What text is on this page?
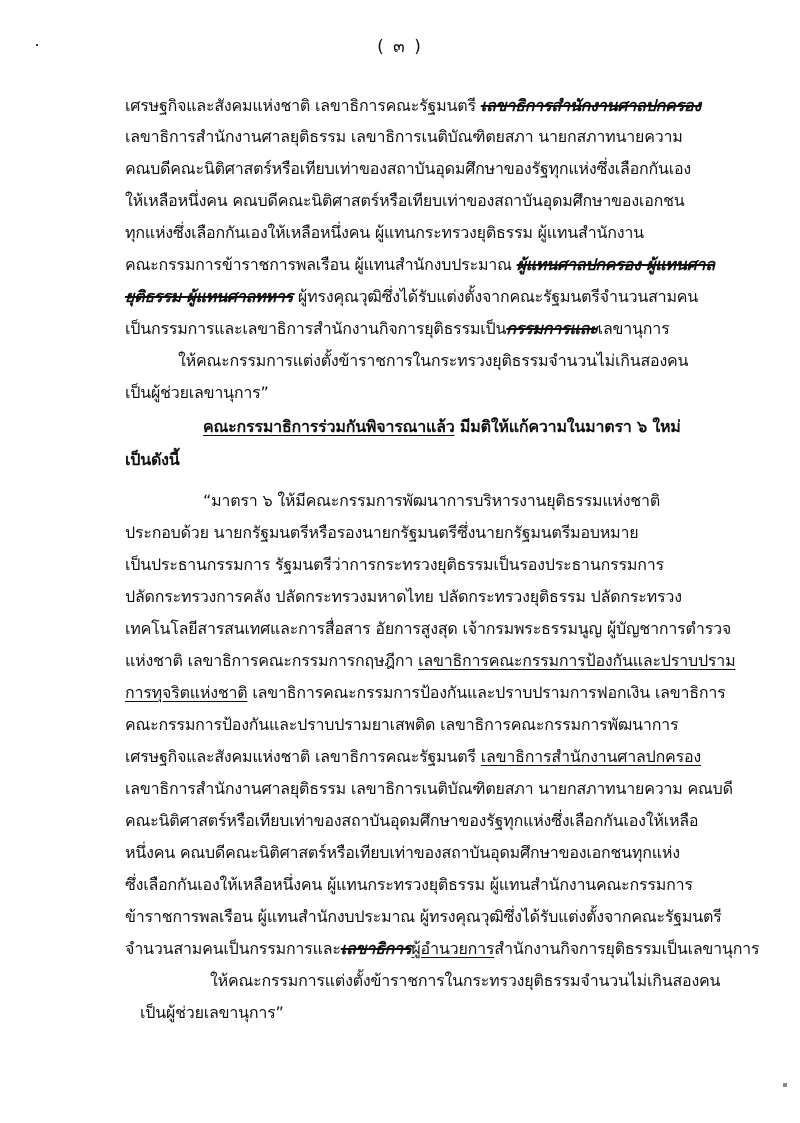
( ๓ )
เศรษฐกิจและสังคมแห่งชาติ เลขาธิการคณะรัฐมนตรี เลขาธิการสำนักงานศาลปกครอง
เลขาธิการสำนักงานศาลยุติธรรม เลขาธิการเนติบัณฑิตยสภา นายกสภาทนายความ
คณบดีคณะนิติศาสตร์หรือเทียบเท่าของสถาบันอุดมศึกษาของรัฐทุกแห่งซึ่งเลือกกันเอง
ให้เหลือหนึ่งคน คณบดีคณะนิติศาสตร์หรือเทียบเท่าของสถาบันอุดมศึกษาของเอกชน
ทุกแห่งซึ่งเลือกกันเองให้เหลือหนึ่งคน ผู้แทนกระทรวงยุติธรรม ผู้แทนสำนักงาน
คณะกรรมการข้าราชการพลเรือน ผู้แทนสำนักงบประมาณ ผู้แทนศาลปกครอง ผู้แทนศาล
ยุติธรรม ผู้แทนศาลทหาร ผู้ทรงคุณวุฒิซึ่งได้รับแต่งตั้งจากคณะรัฐมนตรีจำนวนสามคน
เป็นกรรมการและเลขาธิการสำนักงานกิจการยุติธรรมเป็นกรรมการและเลขานุการ
ให้คณะกรรมการแต่งตั้งข้าราชการในกระทรวงยุติธรรมจำนวนไม่เกินสองคน
เป็นผู้ช่วยเลขานุการ”
คณะกรรมาธิการร่วมกันพิจารณาแล้ว มีมติให้แก้ความในมาตรา ๖ ใหม่
เป็นดังนี้
“มาตรา ๖ ให้มีคณะกรรมการพัฒนาการบริหารงานยุติธรรมแห่งชาติ
ประกอบด้วย นายกรัฐมนตรีหรือรองนายกรัฐมนตรีซึ่งนายกรัฐมนตรีมอบหมาย
เป็นประธานกรรมการ รัฐมนตรีว่าการกระทรวงยุติธรรมเป็นรองประธานกรรมการ
ปลัดกระทรวงการคลัง ปลัดกระทรวงมหาดไทย ปลัดกระทรวงยุติธรรม ปลัดกระทรวง
เทคโนโลยีสารสนเทศและการสื่อสาร อัยการสูงสุด เจ้ากรมพระธรรมนูญ ผู้บัญชาการตำรวจ
แห่งชาติ เลขาธิการคณะกรรมการกฤษฎีกา เลขาธิการคณะกรรมการป้องกันและปราบปราม
การทุจริตแห่งชาติ เลขาธิการคณะกรรมการป้องกันและปราบปรามการฟอกเงิน เลขาธิการ
คณะกรรมการป้องกันและปราบปรามยาเสพติด เลขาธิการคณะกรรมการพัฒนาการ
เศรษฐกิจและสังคมแห่งชาติ เลขาธิการคณะรัฐมนตรี เลขาธิการสำนักงานศาลปกครอง
เลขาธิการสำนักงานศาลยุติธรรม เลขาธิการเนติบัณฑิตยสภา นายกสภาทนายความ คณบดี
คณะนิติศาสตร์หรือเทียบเท่าของสถาบันอุดมศึกษาของรัฐทุกแห่งซึ่งเลือกกันเองให้เหลือ
หนึ่งคน คณบดีคณะนิติศาสตร์หรือเทียบเท่าของสถาบันอุดมศึกษาของเอกชนทุกแห่ง
ซึ่งเลือกกันเองให้เหลือหนึ่งคน ผู้แทนกระทรวงยุติธรรม ผู้แทนสำนักงานคณะกรรมการ
ข้าราชการพลเรือน ผู้แทนสำนักงบประมาณ ผู้ทรงคุณวุฒิซึ่งได้รับแต่งตั้งจากคณะรัฐมนตรี
จำนวนสามคนเป็นกรรมการและเลขาธิการผู้อำนวยการสำนักงานกิจการยุติธรรมเป็นเลขานุการ
ให้คณะกรรมการแต่งตั้งข้าราชการในกระทรวงยุติธรรมจำนวนไม่เกินสองคน
เป็นผู้ช่วยเลขานุการ”
